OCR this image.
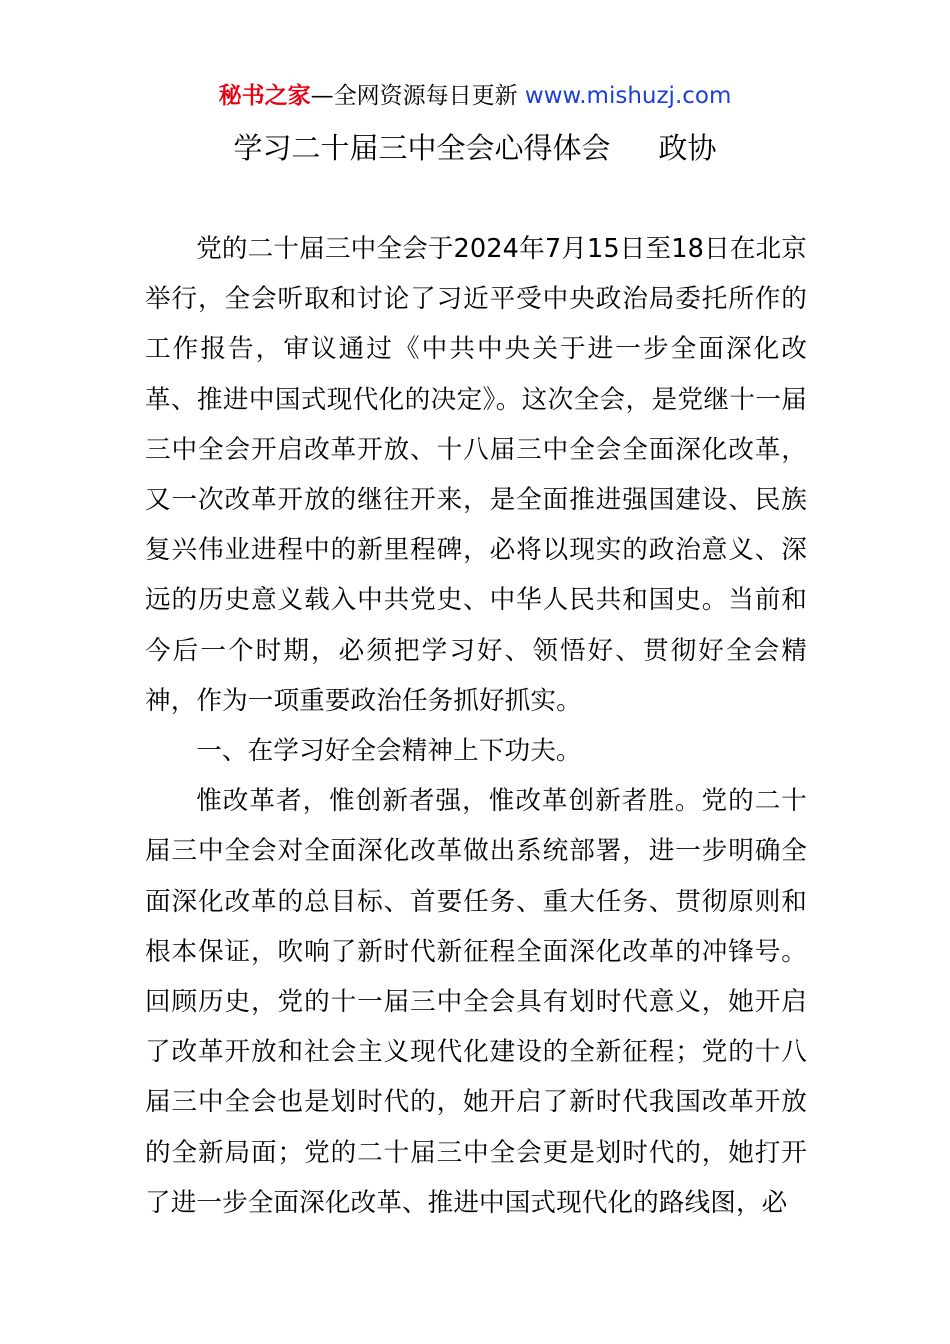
秘书之家—全网资源每日更新 www.mishuzj.com
学习二十届三中全会心得体会 政协

党的二十届三中全会于2024年7月15日至18日在北京举行，全会听取和讨论了习近平受中央政治局委托所作的工作报告，审议通过《中共中央关于进一步全面深化改革、推进中国式现代化的决定》。这次全会，是党继十一届三中全会开启改革开放、十八届三中全会全面深化改革，又一次改革开放的继往开来，是全面推进强国建设、民族复兴伟业进程中的新里程碑，必将以现实的政治意义、深远的历史意义载入中共党史、中华人民共和国史。当前和今后一个时期，必须把学习好、领悟好、贯彻好全会精神，作为一项重要政治任务抓好抓实。

一、在学习好全会精神上下功夫。

惟改革者，惟创新者强，惟改革创新者胜。党的二十届三中全会对全面深化改革做出系统部署，进一步明确全面深化改革的总目标、首要任务、重大任务、贯彻原则和根本保证，吹响了新时代新征程全面深化改革的冲锋号。回顾历史，党的十一届三中全会具有划时代意义，她开启了改革开放和社会主义现代化建设的全新征程；党的十八届三中全会也是划时代的，她开启了新时代我国改革开放的全新局面；党的二十届三中全会更是划时代的，她打开了进一步全面深化改革、推进中国式现代化的路线图，必
